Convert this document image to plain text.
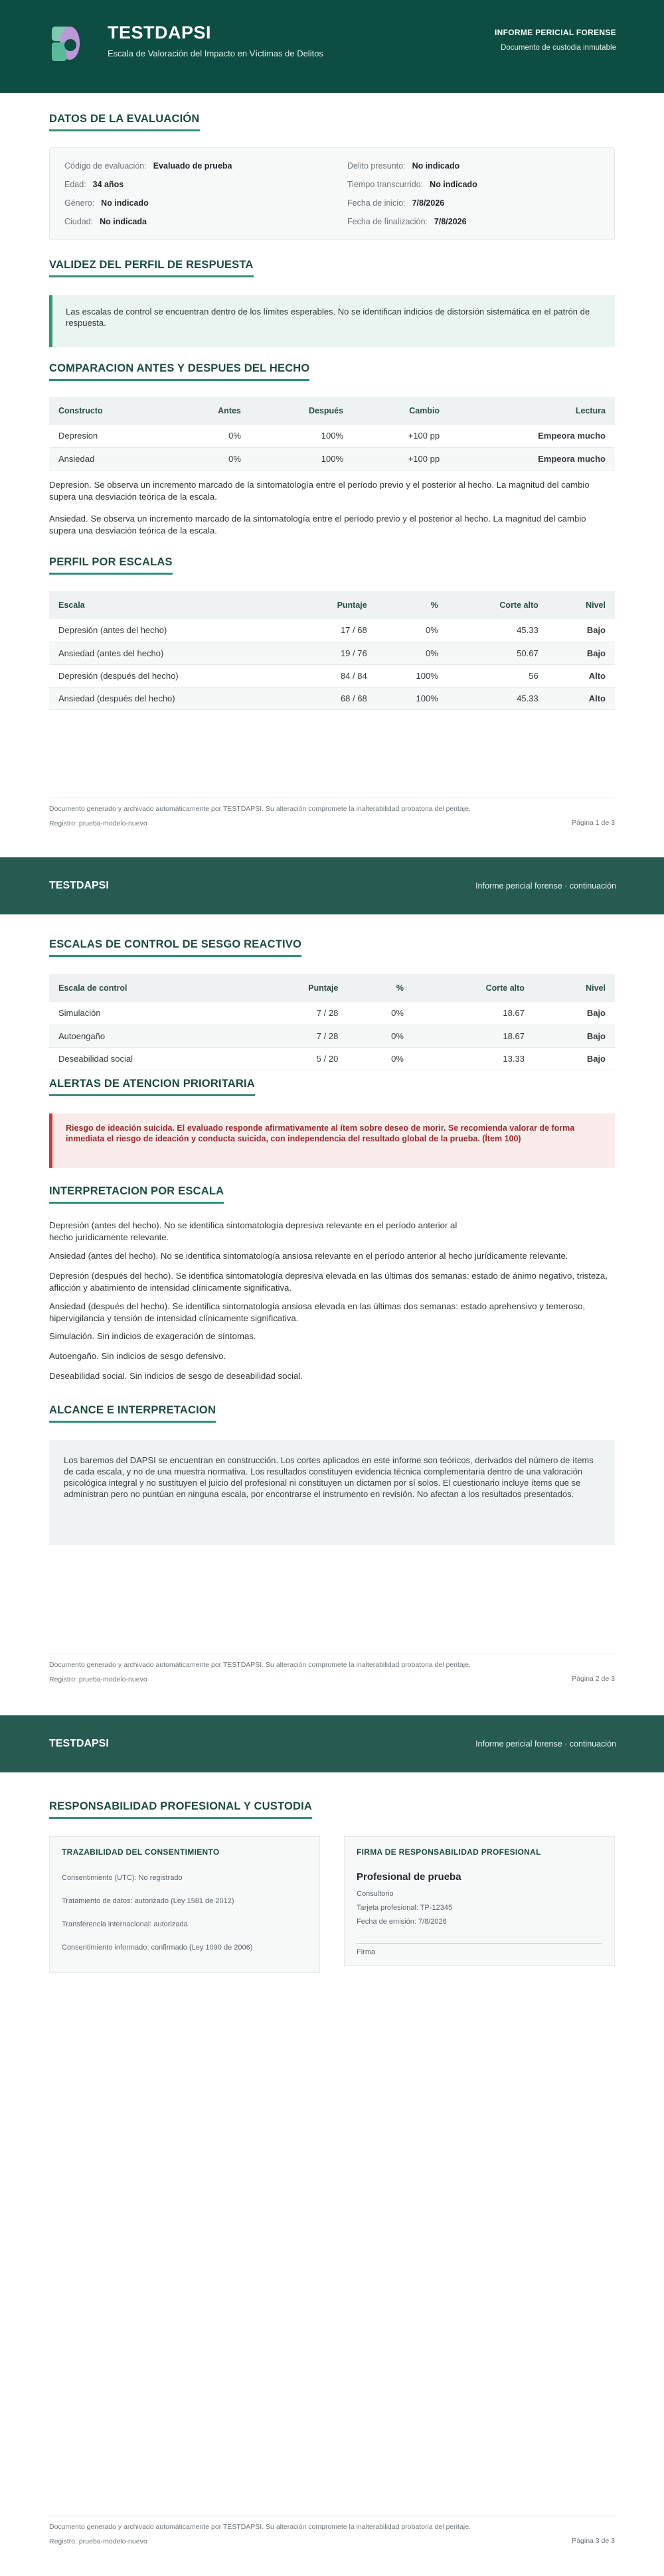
TESTDAPSI
Escala de Valoración del Impacto en Víctimas de Delitos
INFORME PERICIAL FORENSE
Documento de custodia inmutable
DATOS DE LA EVALUACIÓN
Código de evaluación: Evaluado de prueba
Edad: 34 años
Género: No indicado
Ciudad: No indicada
Delito presunto: No indicado
Tiempo transcurrido: No indicado
Fecha de inicio: 7/8/2026
Fecha de finalización: 7/8/2026
VALIDEZ DEL PERFIL DE RESPUESTA
Las escalas de control se encuentran dentro de los límites esperables. No se identifican indicios de distorsión sistemática en el patrón de respuesta.
COMPARACION ANTES Y DESPUES DEL HECHO
Constructo	Antes	Después	Cambio	Lectura
Depresion	0%	100%	+100 pp	Empeora mucho
Ansiedad	0%	100%	+100 pp	Empeora mucho
Depresion. Se observa un incremento marcado de la sintomatología entre el período previo y el posterior al hecho. La magnitud del cambio supera una desviación teórica de la escala.
Ansiedad. Se observa un incremento marcado de la sintomatología entre el período previo y el posterior al hecho. La magnitud del cambio supera una desviación teórica de la escala.
PERFIL POR ESCALAS
Escala	Puntaje	%	Corte alto	Nivel
Depresión (antes del hecho)	17 / 68	0%	45.33	Bajo
Ansiedad (antes del hecho)	19 / 76	0%	50.67	Bajo
Depresión (después del hecho)	84 / 84	100%	56	Alto
Ansiedad (después del hecho)	68 / 68	100%	45.33	Alto
Documento generado y archivado automáticamente por TESTDAPSI. Su alteración compromete la inalterabilidad probatoria del peritaje.
Registro: prueba-modelo-nuevo	Página 1 de 3
TESTDAPSI	Informe pericial forense · continuación
ESCALAS DE CONTROL DE SESGO REACTIVO
Escala de control	Puntaje	%	Corte alto	Nivel
Simulación	7 / 28	0%	18.67	Bajo
Autoengaño	7 / 28	0%	18.67	Bajo
Deseabilidad social	5 / 20	0%	13.33	Bajo
ALERTAS DE ATENCION PRIORITARIA
Riesgo de ideación suicida. El evaluado responde afirmativamente al ítem sobre deseo de morir. Se recomienda valorar de forma inmediata el riesgo de ideación y conducta suicida, con independencia del resultado global de la prueba. (Ítem 100)
INTERPRETACION POR ESCALA
Depresión (antes del hecho). No se identifica sintomatología depresiva relevante en el período anterior al hecho jurídicamente relevante.
Ansiedad (antes del hecho). No se identifica sintomatología ansiosa relevante en el período anterior al hecho jurídicamente relevante.
Depresión (después del hecho). Se identifica sintomatología depresiva elevada en las últimas dos semanas: estado de ánimo negativo, tristeza, aflicción y abatimiento de intensidad clínicamente significativa.
Ansiedad (después del hecho). Se identifica sintomatología ansiosa elevada en las últimas dos semanas: estado aprehensivo y temeroso, hipervigilancia y tensión de intensidad clínicamente significativa.
Simulación. Sin indicios de exageración de síntomas.
Autoengaño. Sin indicios de sesgo defensivo.
Deseabilidad social. Sin indicios de sesgo de deseabilidad social.
ALCANCE E INTERPRETACION
Los baremos del DAPSI se encuentran en construcción. Los cortes aplicados en este informe son teóricos, derivados del número de ítems de cada escala, y no de una muestra normativa. Los resultados constituyen evidencia técnica complementaria dentro de una valoración psicológica integral y no sustituyen el juicio del profesional ni constituyen un dictamen por sí solos. El cuestionario incluye ítems que se administran pero no puntúan en ninguna escala, por encontrarse el instrumento en revisión. No afectan a los resultados presentados.
Documento generado y archivado automáticamente por TESTDAPSI. Su alteración compromete la inalterabilidad probatoria del peritaje.
Registro: prueba-modelo-nuevo	Página 2 de 3
TESTDAPSI	Informe pericial forense · continuación
RESPONSABILIDAD PROFESIONAL Y CUSTODIA
TRAZABILIDAD DEL CONSENTIMIENTO
Consentimiento (UTC): No registrado
Tratamiento de datos: autorizado (Ley 1581 de 2012)
Transferencia internacional: autorizada
Consentimiento informado: confirmado (Ley 1090 de 2006)
FIRMA DE RESPONSABILIDAD PROFESIONAL
Profesional de prueba
Consultorio
Tarjeta profesional: TP-12345
Fecha de emisión: 7/8/2026
Firma
Documento generado y archivado automáticamente por TESTDAPSI. Su alteración compromete la inalterabilidad probatoria del peritaje.
Registro: prueba-modelo-nuevo	Página 3 de 3
